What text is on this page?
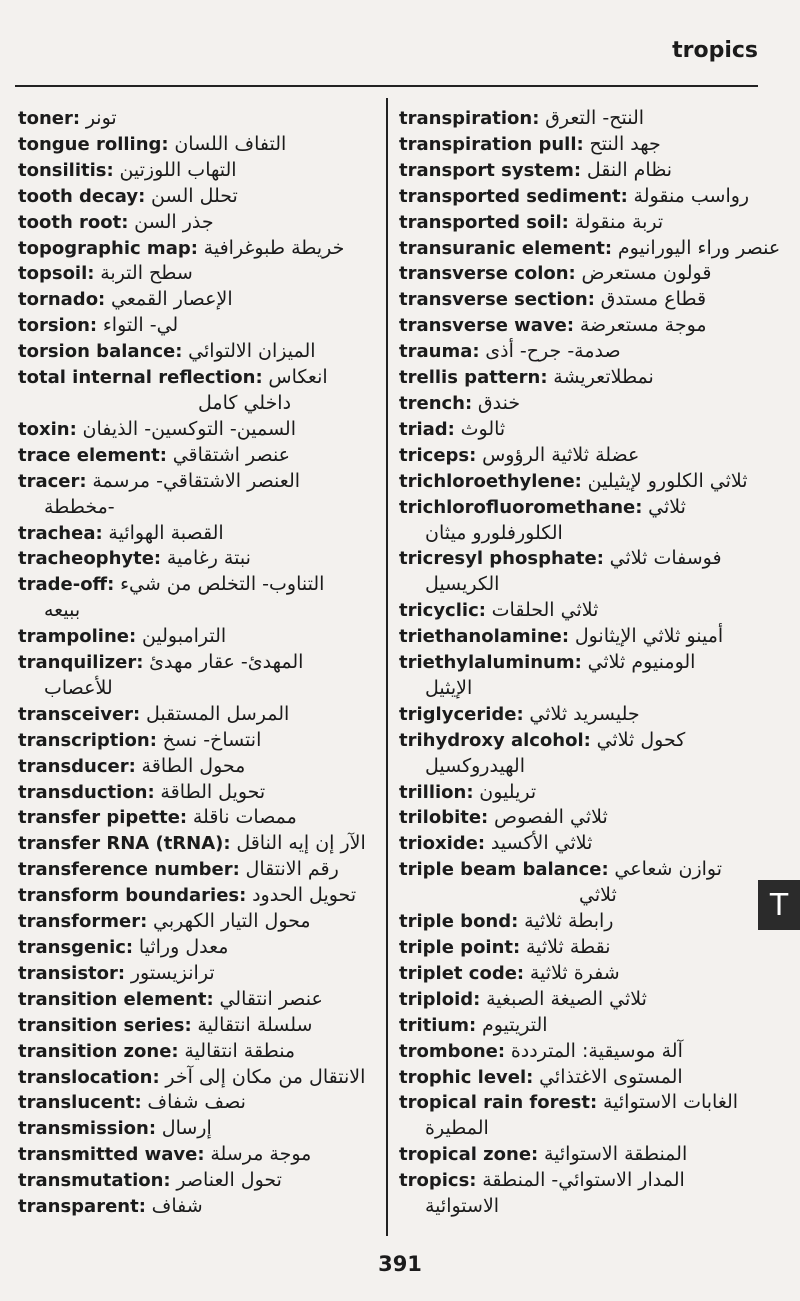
tropics

toner: تونر

tongue rolling: التفاف اللسان

tonsilitis: التهاب اللوزتين

tooth decay: تحلل السن

tooth root: جذر السن

topographic map: خريطة طبوغرافية

topsoil: سطح التربة

tornado: الإعصار القمعي

torsion: لي- التواء

torsion balance: الميزان الالتوائي

total internal reflection: انعكاس

داخلي كامل

toxin: السمين- التوكسين- الذيفان

trace element: عنصر اشتقاقي

tracer: العنصر الاشتقاقي- مرسمة

-مخططة

trachea: القصبة الهوائية

tracheophyte: نبتة رغامية

trade-off: التناوب- التخلص من شيء

ببيعه

trampoline: الترامبولين

tranquilizer: المهدئ- عقار مهدئ

للأعصاب

transceiver: المرسل المستقبل

transcription: انتساخ- نسخ

transducer: محول الطاقة

transduction: تحويل الطاقة

transfer pipette: ممصات ناقلة

transfer RNA (tRNA): الآر إن إيه الناقل

transference number: رقم الانتقال

transform boundaries: تحويل الحدود

transformer: محول التيار الكهربي

transgenic: معدل وراثيا

transistor: ترانزيستور

transition element: عنصر انتقالي

transition series: سلسلة انتقالية

transition zone: منطقة انتقالية

translocation: الانتقال من مكان إلى آخر

translucent: نصف شفاف

transmission: إرسال

transmitted wave: موجة مرسلة

transmutation: تحول العناصر

transparent: شفاف

transpiration: النتح- التعرق

transpiration pull: جهد النتح

transport system: نظام النقل

transported sediment: رواسب منقولة

transported soil: تربة منقولة

transuranic element: عنصر وراء اليورانيوم

transverse colon: قولون مستعرض

transverse section: قطاع مستدق

transverse wave: موجة مستعرضة

trauma: صدمة- جرح- أذى

trellis pattern: نمطلاتعريشة

trench: خندق

triad: ثالوث

triceps: عضلة ثلاثية الرؤوس

trichloroethylene: ثلاثي الكلورو لإيثيلين

trichlorofluoromethane: ثلاثي

الكلورفلورو ميثان

tricresyl phosphate: فوسفات ثلاثي

الكريسيل

tricyclic: ثلاثي الحلقات

triethanolamine: أمينو ثلاثي الإيثانول

triethylaluminum: الومنيوم ثلاثي

الإيثيل

triglyceride: جليسريد ثلاثي

trihydroxy alcohol: كحول ثلاثي

الهيدروكسيل

trillion: تريليون

trilobite: ثلاثي الفصوص

trioxide: ثلاثي الأكسيد

triple beam balance: توازن شعاعي

ثلاثي

triple bond: رابطة ثلاثية

triple point: نقطة ثلاثية

triplet code: شفرة ثلاثية

triploid: ثلاثي الصيغة الصبغية

tritium: التريتيوم

trombone: آلة موسيقية: المترددة

trophic level: المستوى الاغتذائي

tropical rain forest: الغابات الاستوائية

المطيرة

tropical zone: المنطقة الاستوائية

tropics: المدار الاستوائي- المنطقة

الاستوائية

T
391
